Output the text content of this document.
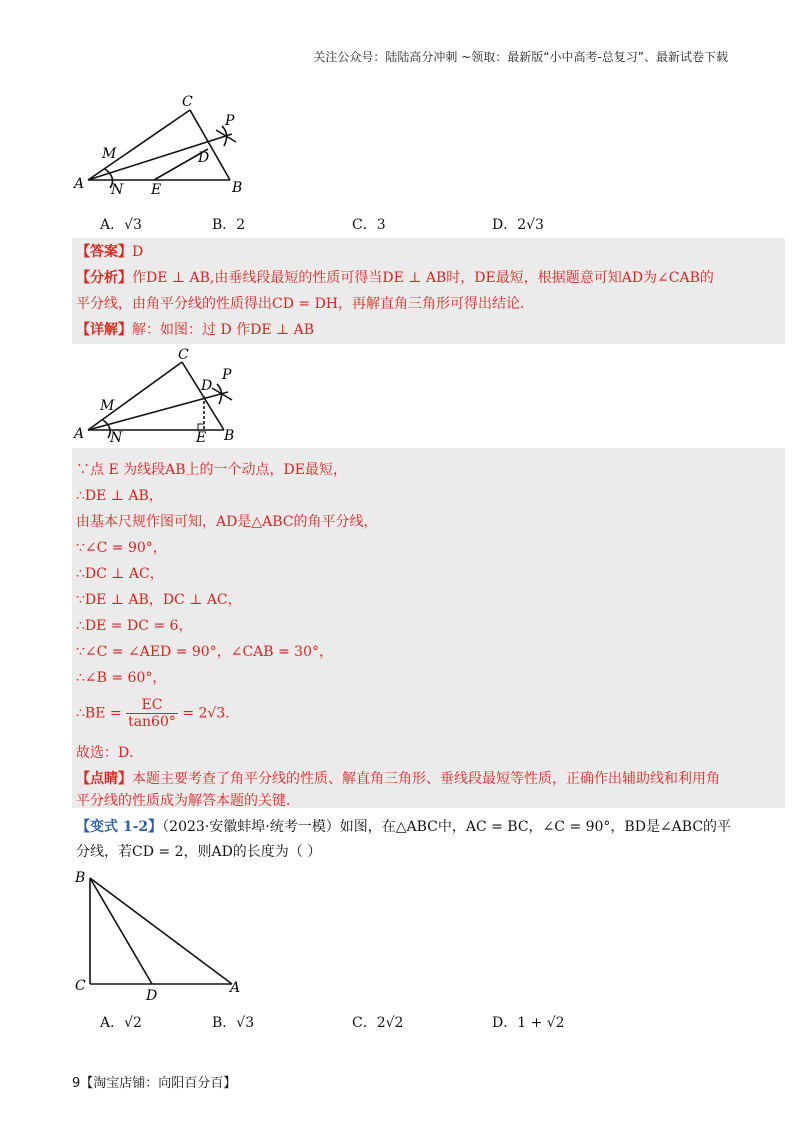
关注公众号：陆陆高分冲刺 ~领取：最新版“小中高考-总复习”、最新试卷下载
A	B
C
D
E
M
N
P
A．√3	B．2	C．3	D．2√3
【答案】D
【分析】作DE ⊥ AB,由垂线段最短的性质可得当DE ⊥ AB时，DE最短，根据题意可知AD为∠CAB的
平分线，由角平分线的性质得出CD = DH，再解直角三角形可得出结论．
【详解】解：如图：过 D 作DE ⊥ AB
A	B
C
D
E
M
N
P
∵点 E 为线段AB上的一个动点，DE最短，
∴DE ⊥ AB，
由基本尺规作图可知，AD是△ABC的角平分线，
∵∠C = 90°，
∴DC ⊥ AC，
∵DE ⊥ AB，DC ⊥ AC，
∴DE = DC = 6，
∵∠C = ∠AED = 90°，∠CAB = 30°，
∴∠B = 60°，
∴BE = $\frac{EC}{\tan 60^\circ} = 2√3$.
故选：D．
【点睛】本题主要考查了角平分线的性质、解直角三角形、垂线段最短等性质，正确作出辅助线和利用角
平分线的性质成为解答本题的关键．
【变式 1-2】（2023·安徽蚌埠·统考一模）如图，在△ABC中，AC = BC，∠C = 90°，BD是∠ABC的平
分线，若CD = 2，则AD的长度为（ ）
B
C
D	A
A．√2	B．√3	C．2√2	D．1 + √2
9【淘宝店铺：向阳百分百】
